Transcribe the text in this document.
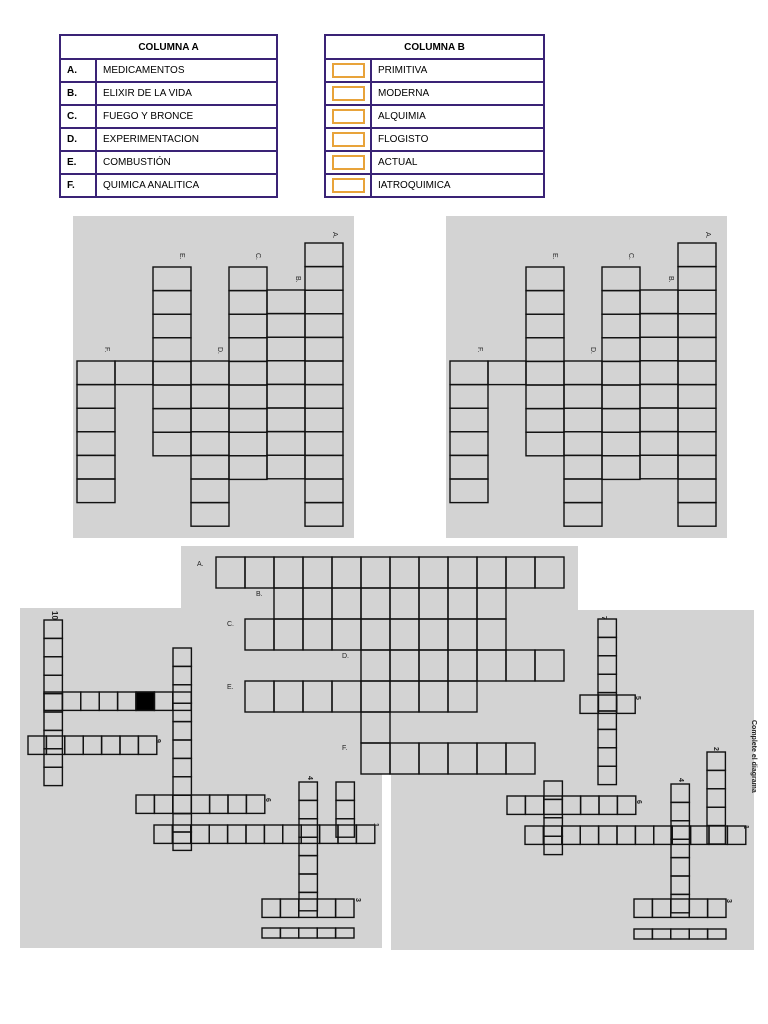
COLUMNA A	
A.	MEDICAMENTOS
B.	ELIXIR DE LA VIDA
C.	FUEGO Y BRONCE
D.	EXPERIMENTACION
E.	COMBUSTIÓN
F.	QUIMICA ANALITICA
COLUMNA B	
	PRIMITIVA
	MODERNA
	ALQUIMIA
	FLOGISTO
	ACTUAL
	IATROQUIMICA
A.
B.
C.
D.
E.
F.
A.
B.
C.
D.
E.
F.
A.
B.
C.
D.
E.
F.
10
1
3
4
6
9
1
2
3
4
5
6
7
Complete el diagrama
